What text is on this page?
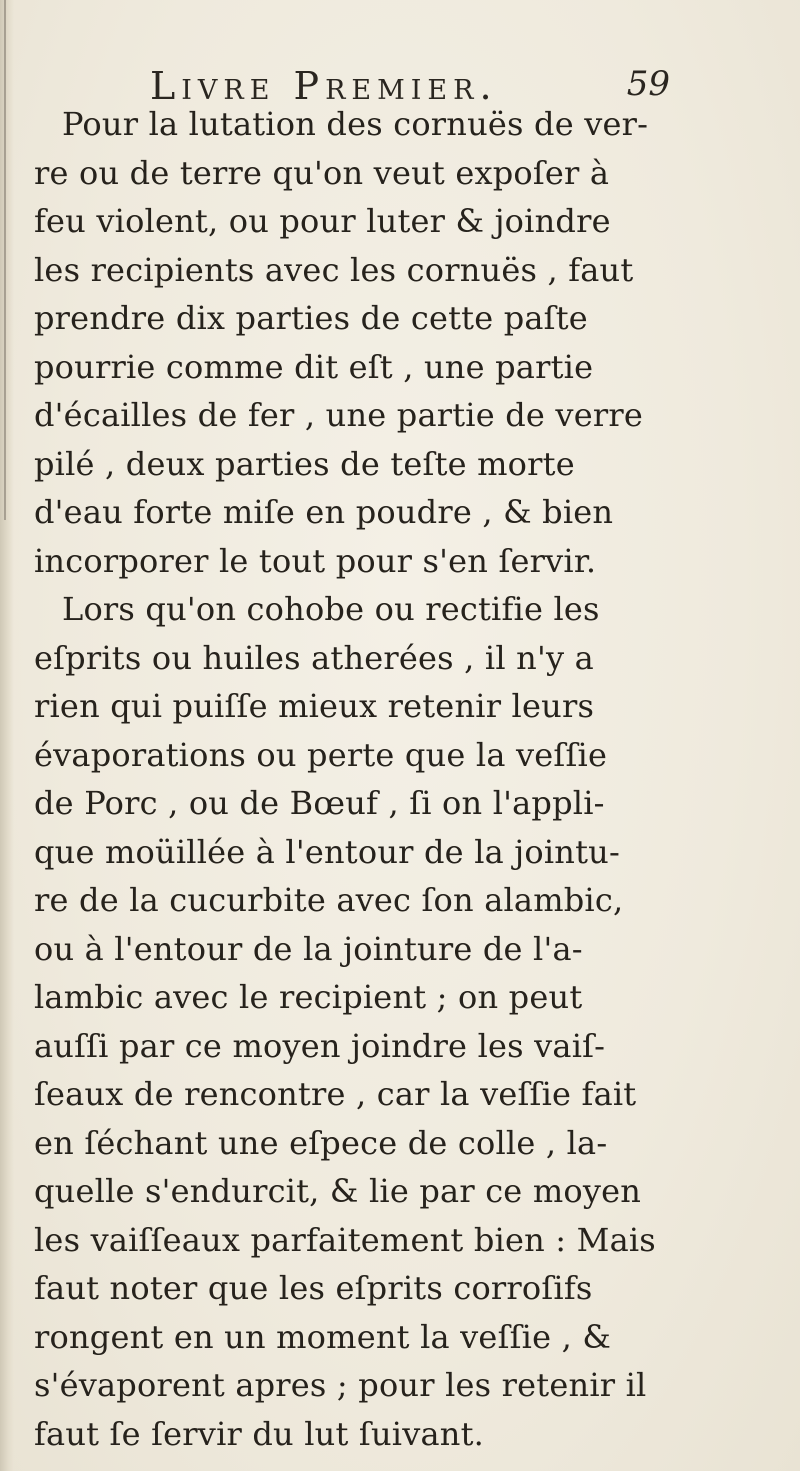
Livre Premier.	59
Pour la lutation des cornuës de ver-
re ou de terre qu'on veut expoſer à
feu violent, ou pour luter & joindre
les recipients avec les cornuës , faut
prendre dix parties de cette paſte
pourrie comme dit eſt , une partie
d'écailles de fer , une partie de verre
pilé , deux parties de teſte morte
d'eau forte miſe en poudre , & bien
incorporer le tout pour s'en ſervir.
Lors qu'on cohobe ou rectifie les
eſprits ou huiles atherées , il n'y a
rien qui puiſſe mieux retenir leurs
évaporations ou perte que la veſſie
de Porc , ou de Bœuf , ſi on l'appli-
que moüillée à l'entour de la jointu-
re de la cucurbite avec ſon alambic,
ou à l'entour de la jointure de l'a-
lambic avec le recipient ; on peut
auſſi par ce moyen joindre les vaiſ-
ſeaux de rencontre , car la veſſie fait
en ſéchant une eſpece de colle , la-
quelle s'endurcit, & lie par ce moyen
les vaiſſeaux parfaitement bien : Mais
faut noter que les eſprits corroſifs
rongent en un moment la veſſie , &
s'évaporent apres ; pour les retenir il
faut ſe ſervir du lut ſuivant.
